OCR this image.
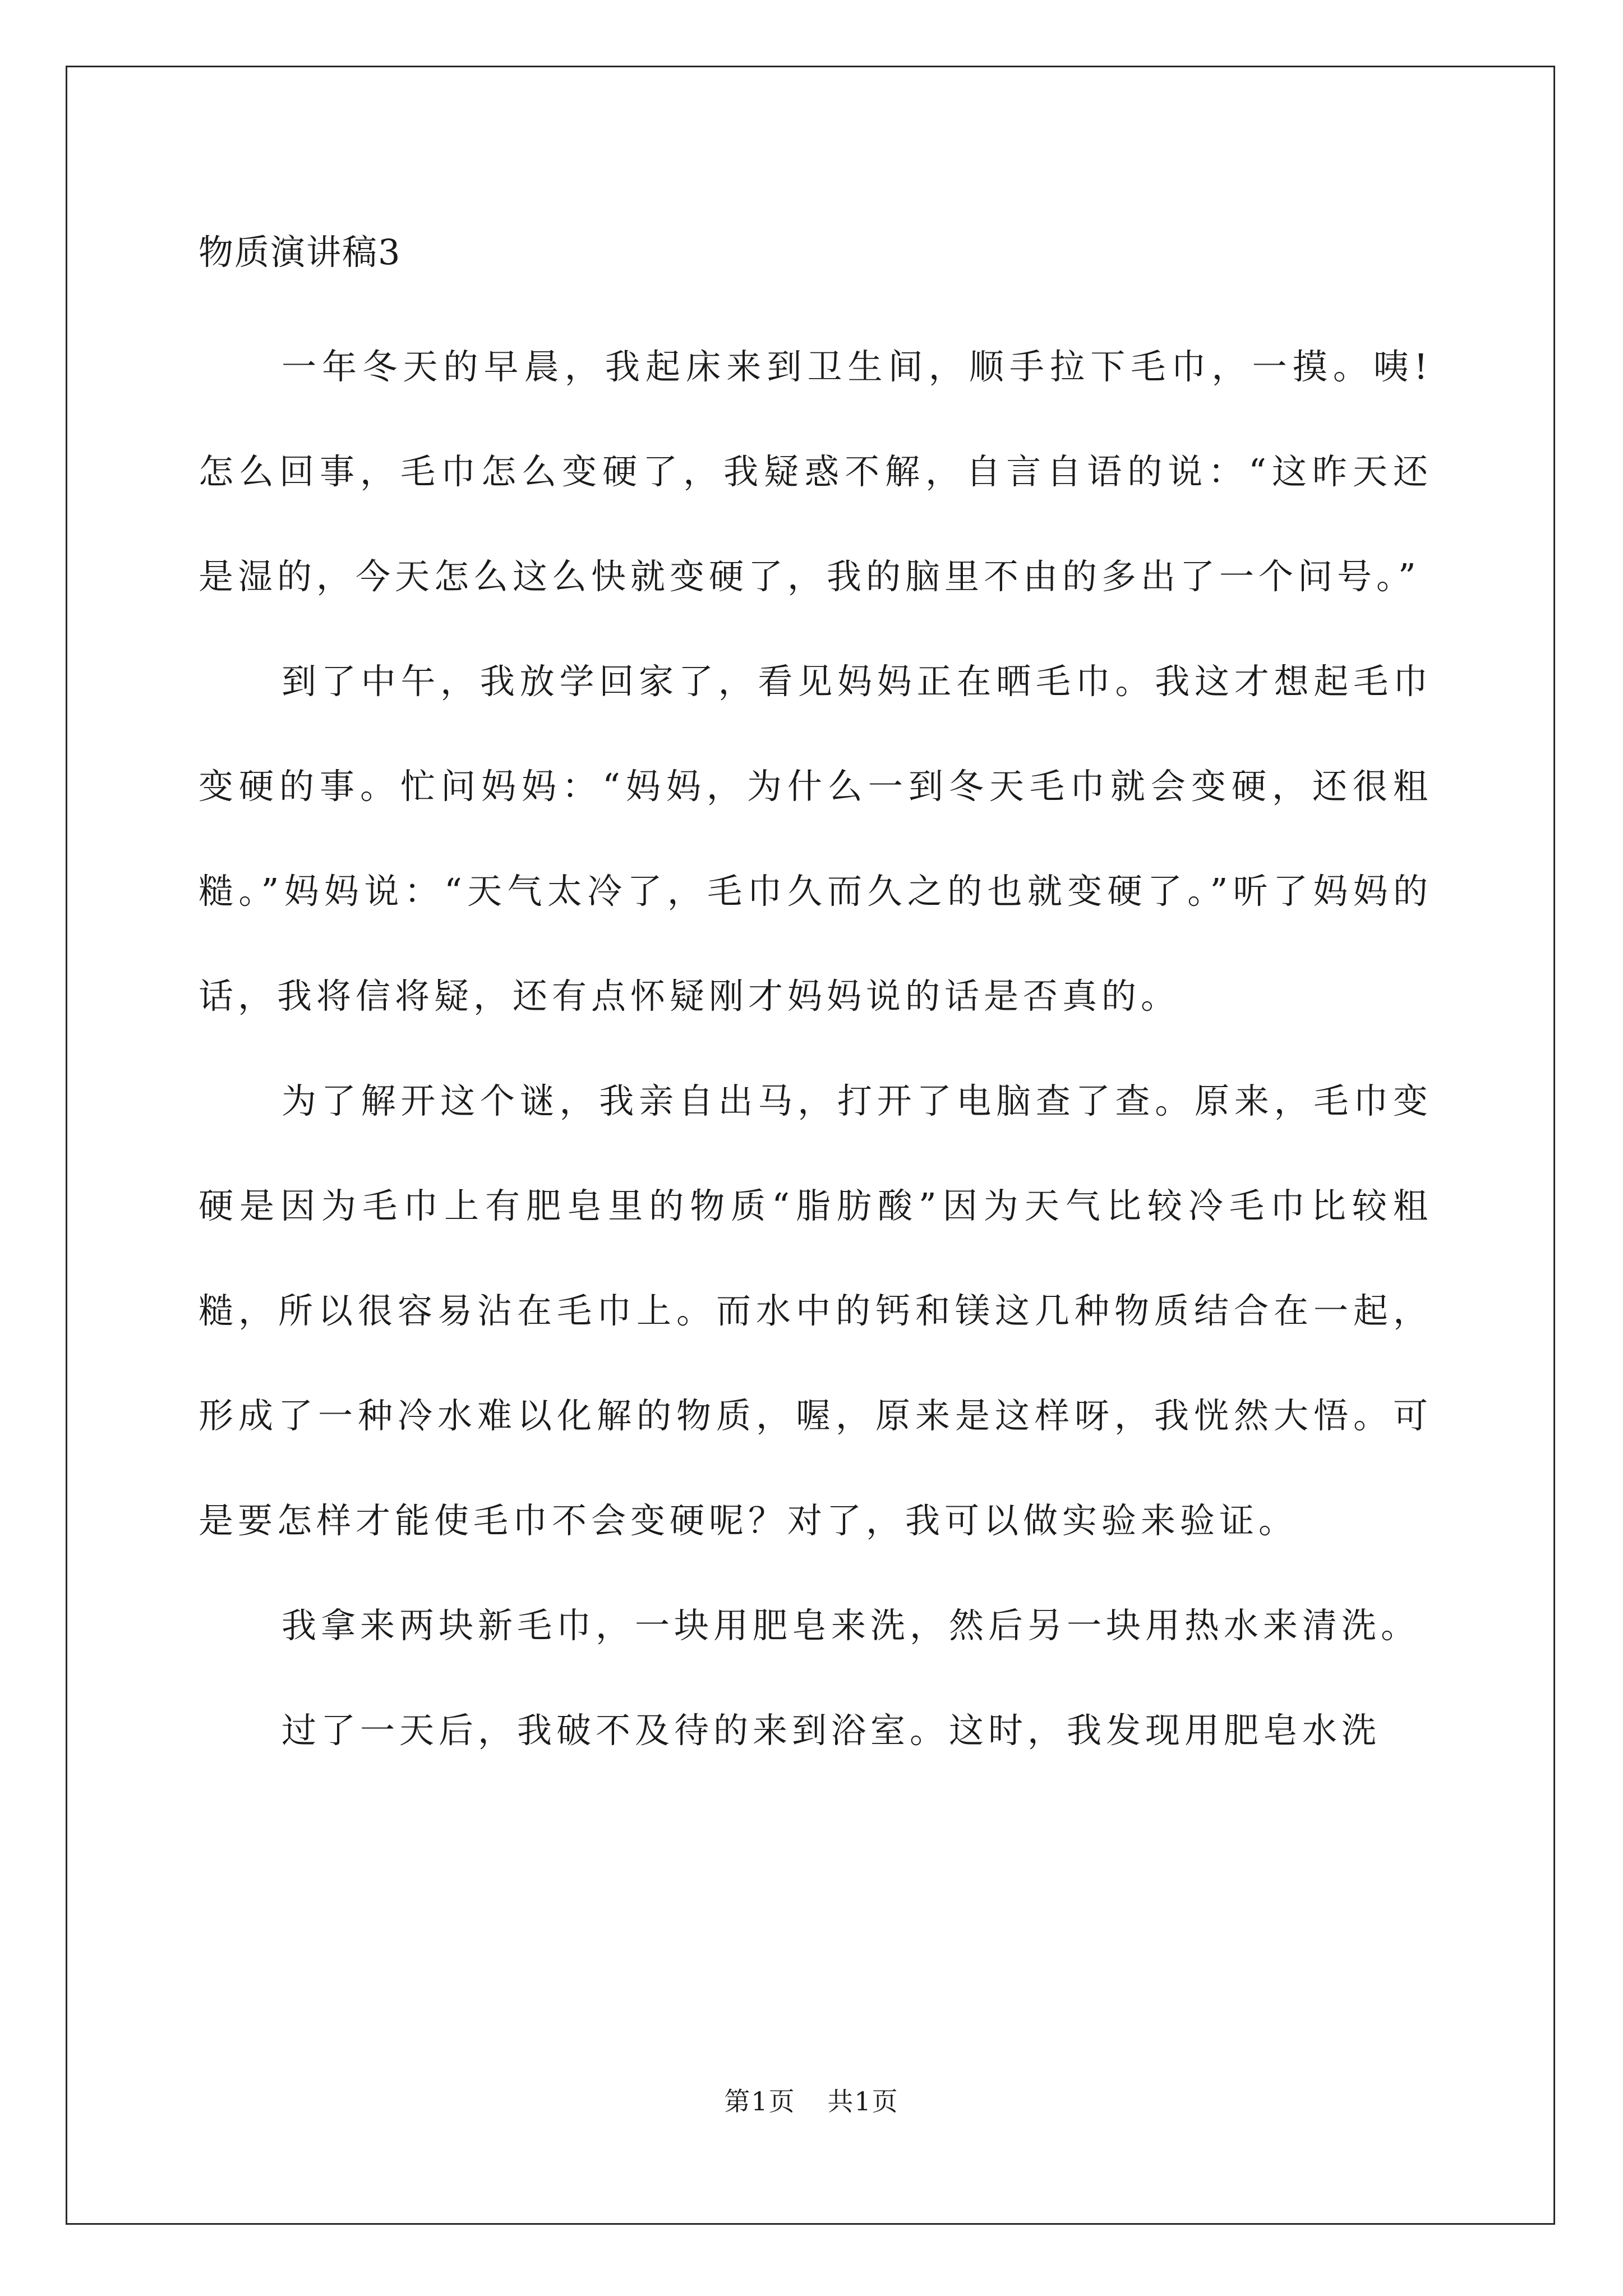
物质演讲稿3

一年冬天的早晨，我起床来到卫生间，顺手拉下毛巾，一摸。咦!怎么回事，毛巾怎么变硬了，我疑惑不解，自言自语的说：“这昨天还是湿的，今天怎么这么快就变硬了，我的脑里不由的多出了一个问号。”

到了中午，我放学回家了，看见妈妈正在晒毛巾。我这才想起毛巾变硬的事。忙问妈妈：“妈妈，为什么一到冬天毛巾就会变硬，还很粗糙。”妈妈说：“天气太冷了，毛巾久而久之的也就变硬了。”听了妈妈的话，我将信将疑，还有点怀疑刚才妈妈说的话是否真的。

为了解开这个谜，我亲自出马，打开了电脑查了查。原来，毛巾变硬是因为毛巾上有肥皂里的物质“脂肪酸”因为天气比较冷毛巾比较粗糙，所以很容易沾在毛巾上。而水中的钙和镁这几种物质结合在一起，形成了一种冷水难以化解的物质，喔，原来是这样呀，我恍然大悟。可是要怎样才能使毛巾不会变硬呢？对了，我可以做实验来验证。

我拿来两块新毛巾，一块用肥皂来洗，然后另一块用热水来清洗。

过了一天后，我破不及待的来到浴室。这时，我发现用肥皂水洗

第1页 共1页
